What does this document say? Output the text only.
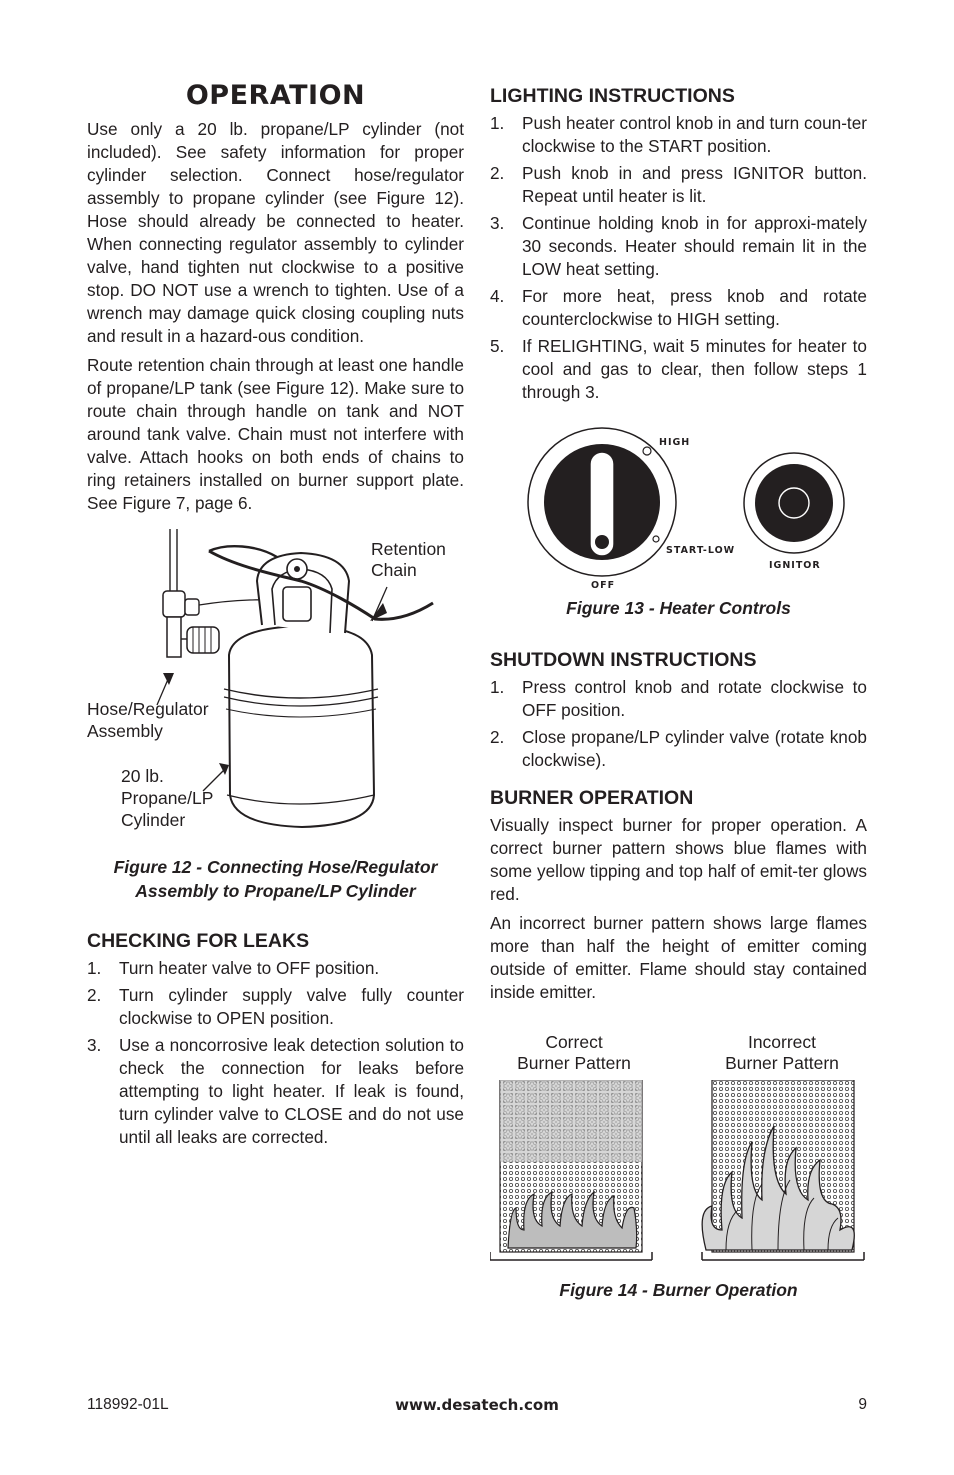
OPERATION

Use only a 20 lb. propane/LP cylinder (not included). See safety information for proper cylinder selection. Connect hose/regulator assembly to propane cylinder (see Figure 12). Hose should already be connected to heater. When connecting regulator assembly to cylinder valve, hand tighten nut clockwise to a positive stop. DO NOT use a wrench to tighten. Use of a wrench may damage quick closing coupling nuts and result in a hazard-ous condition.

Route retention chain through at least one handle of propane/LP tank (see Figure 12). Make sure to route chain through handle on tank and NOT around tank valve. Chain must not interfere with valve. Attach hooks on both ends of chains to ring retainers installed on burner support plate. See Figure 7, page 6.

Retention
Chain
Hose/Regulator
Assembly
20 lb.
Propane/LP
Cylinder
Figure 12 - Connecting Hose/Regulator
Assembly to Propane/LP Cylinder
CHECKING FOR LEAKS
1. Turn heater valve to OFF position.
2. Turn cylinder supply valve fully counter clockwise to OPEN position.
3. Use a noncorrosive leak detection solution to check the connection for leaks before attempting to light heater. If leak is found, turn cylinder valve to CLOSE and do not use until all leaks are corrected.
LIGHTING INSTRUCTIONS
1. Push heater control knob in and turn coun-ter clockwise to the START position.
2. Push knob in and press IGNITOR button. Repeat until heater is lit.
3. Continue holding knob in for approxi-mately 30 seconds. Heater should remain lit in the LOW heat setting.
4. For more heat, press knob and rotate counterclockwise to HIGH setting.
5. If RELIGHTING, wait 5 minutes for heater to cool and gas to clear, then follow steps 1 through 3.
HIGH
START-LOW
OFF
IGNITOR
Figure 13 - Heater Controls
SHUTDOWN INSTRUCTIONS
1. Press control knob and rotate clockwise to OFF position.
2. Close propane/LP cylinder valve (rotate knob clockwise).
BURNER OPERATION

Visually inspect burner for proper operation. A correct burner pattern shows blue flames with some yellow tipping and top half of emit-ter glows red.

An incorrect burner pattern shows large flames more than half the height of emitter coming outside of emitter. Flame should stay contained inside emitter.

Correct
Burner Pattern
Incorrect
Burner Pattern
Figure 14 - Burner Operation
118992-01L	www.desatech.com	9
